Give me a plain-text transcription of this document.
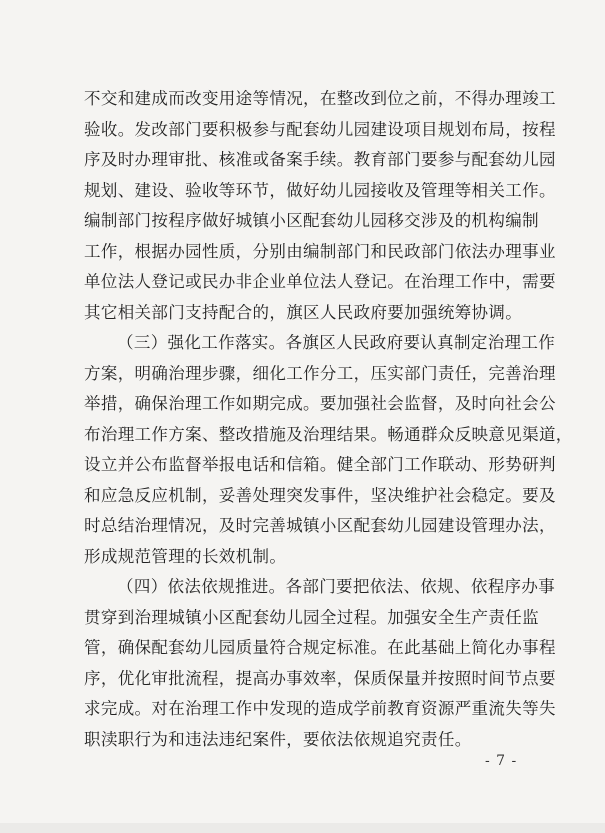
不交和建成而改变用途等情况，在整改到位之前，不得办理竣工
验收。发改部门要积极参与配套幼儿园建设项目规划布局，按程
序及时办理审批、核准或备案手续。教育部门要参与配套幼儿园
规划、建设、验收等环节，做好幼儿园接收及管理等相关工作。
编制部门按程序做好城镇小区配套幼儿园移交涉及的机构编制
工作，根据办园性质，分别由编制部门和民政部门依法办理事业
单位法人登记或民办非企业单位法人登记。在治理工作中，需要
其它相关部门支持配合的，旗区人民政府要加强统筹协调。
（三）强化工作落实。各旗区人民政府要认真制定治理工作
方案，明确治理步骤，细化工作分工，压实部门责任，完善治理
举措，确保治理工作如期完成。要加强社会监督，及时向社会公
布治理工作方案、整改措施及治理结果。畅通群众反映意见渠道，
设立并公布监督举报电话和信箱。健全部门工作联动、形势研判
和应急反应机制，妥善处理突发事件，坚决维护社会稳定。要及
时总结治理情况，及时完善城镇小区配套幼儿园建设管理办法，
形成规范管理的长效机制。
（四）依法依规推进。各部门要把依法、依规、依程序办事
贯穿到治理城镇小区配套幼儿园全过程。加强安全生产责任监
管，确保配套幼儿园质量符合规定标准。在此基础上简化办事程
序，优化审批流程，提高办事效率，保质保量并按照时间节点要
求完成。对在治理工作中发现的造成学前教育资源严重流失等失
职渎职行为和违法违纪案件，要依法依规追究责任。
- 7 -
